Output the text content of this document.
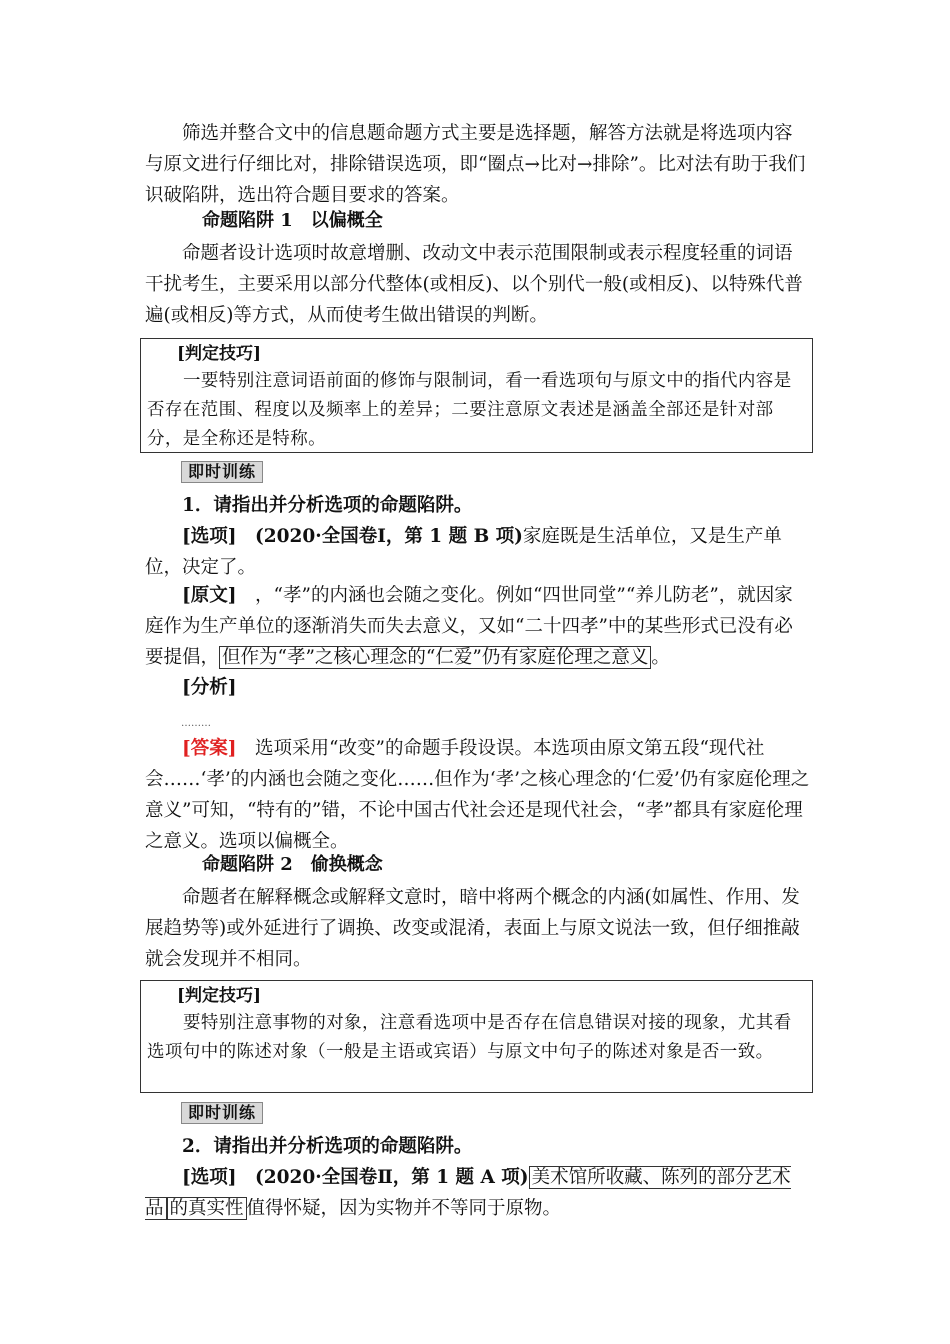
筛选并整合文中的信息题命题方式主要是选择题，解答方法就是将选项内容与原文进行仔细比对，排除错误选项，即“圈点→比对→排除”。比对法有助于我们识破陷阱，选出符合题目要求的答案。

命题陷阱 1　以偏概全

命题者设计选项时故意增删、改动文中表示范围限制或表示程度轻重的词语干扰考生，主要采用以部分代整体(或相反)、以个别代一般(或相反)、以特殊代普遍(或相反)等方式，从而使考生做出错误的判断。

[判定技巧]
一要特别注意词语前面的修饰与限制词，看一看选项句与原文中的指代内容是否存在范围、程度以及频率上的差异；二要注意原文表述是涵盖全部还是针对部分，是全称还是特称。
即时训练

1．请指出并分析选项的命题陷阱。

[选项]　 (2020·全国卷Ⅰ，第 1 题 B 项)家庭既是生活单位，又是生产单位，决定了。

[原文]　 ，“孝”的内涵也会随之变化。例如“四世同堂”“养儿防老”，就因家庭作为生产单位的逐渐消失而失去意义，又如“二十四孝”中的某些形式已没有必要提倡， 但作为“孝”之核心理念的“仁爱”仍有家庭伦理之意义 。

[分析]

………

[答案]　 选项采用“改变”的命题手段设误。本选项由原文第五段“现代社会……‘孝’的内涵也会随之变化……但作为‘孝’之核心理念的‘仁爱’仍有家庭伦理之意义”可知，“特有的”错，不论中国古代社会还是现代社会，“孝”都具有家庭伦理之意义。选项以偏概全。

命题陷阱 2　偷换概念

命题者在解释概念或解释文意时，暗中将两个概念的内涵(如属性、作用、发展趋势等)或外延进行了调换、改变或混淆，表面上与原文说法一致，但仔细推敲就会发现并不相同。

[判定技巧]
要特别注意事物的对象，注意看选项中是否存在信息错误对接的现象，尤其看选项句中的陈述对象（一般是主语或宾语）与原文中句子的陈述对象是否一致。
即时训练

2．请指出并分析选项的命题陷阱。

[选项]　 (2020·全国卷Ⅱ，第 1 题 A 项) 美术馆所收藏、陈列的部分艺术品 的真实性 值得怀疑，因为实物并不等同于原物。
